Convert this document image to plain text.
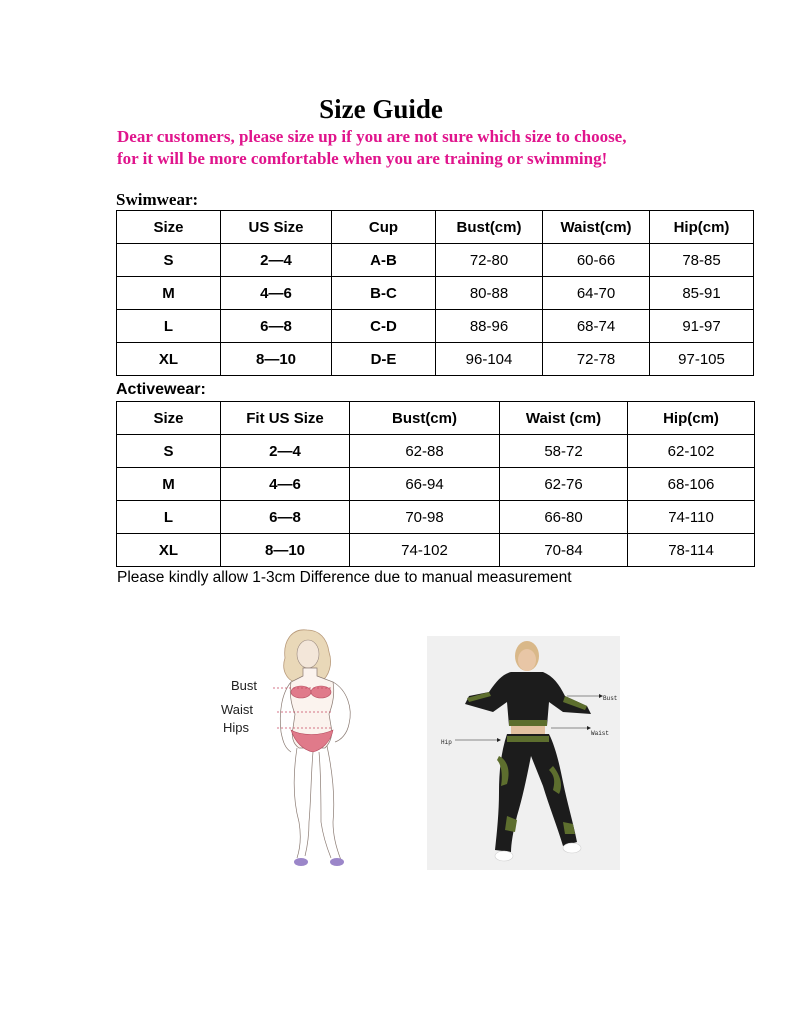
Size Guide
Dear customers, please size up if you are not sure which size to choose,
for it will be more comfortable when you are training or swimming!
Swimwear:
Size	US Size	Cup	Bust(cm)	Waist(cm)	Hip(cm)
S	2—4	A-B	72-80	60-66	78-85
M	4—6	B-C	80-88	64-70	85-91
L	6—8	C-D	88-96	68-74	91-97
XL	8—10	D-E	96-104	72-78	97-105
Activewear:
Size	Fit US Size	Bust(cm)	Waist (cm)	Hip(cm)
S	2—4	62-88	58-72	62-102
M	4—6	66-94	62-76	68-106
L	6—8	70-98	66-80	74-110
XL	8—10	74-102	70-84	78-114
Please kindly allow 1-3cm Difference due to manual measurement
Bust
Waist
Hips
Bust
Waist
Hip
